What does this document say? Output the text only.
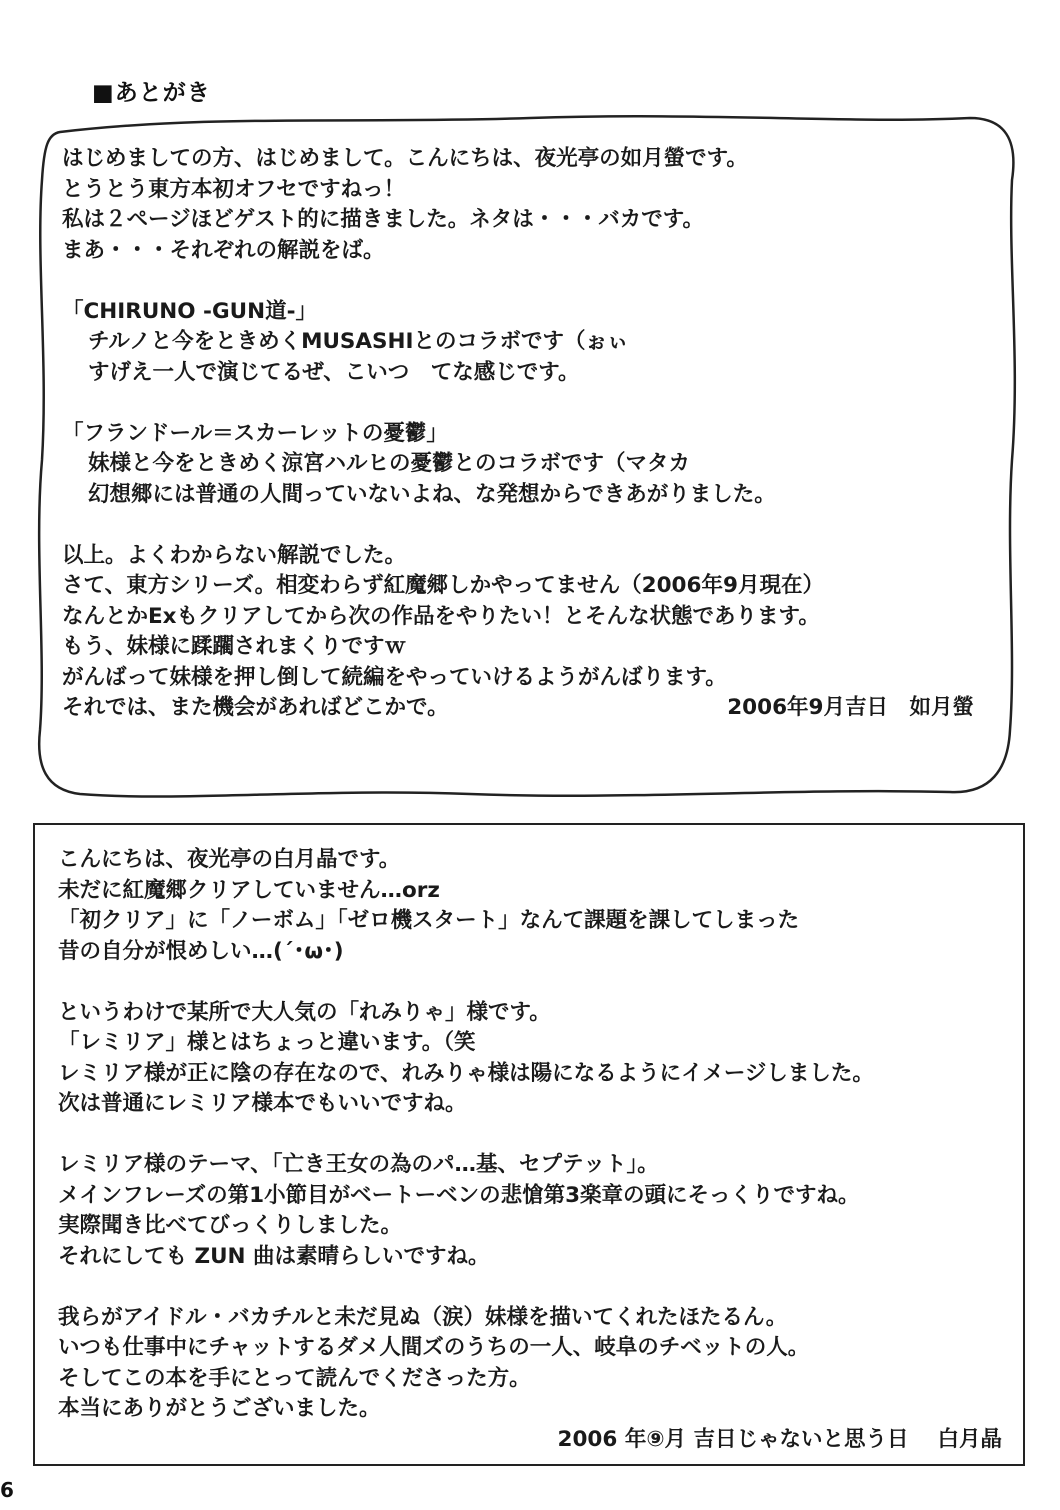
■あとがき
はじめましての方、はじめまして。こんにちは、夜光亭の如月螢です。
とうとう東方本初オフセですねっ！
私は２ページほどゲスト的に描きました。ネタは・・・バカです。
まあ・・・それぞれの解説をば。
「CHIRUNO -GUN道-」
チルノと今をときめくMUSASHIとのコラボです（ぉぃ
すげえ一人で演じてるぜ、こいつ　てな感じです。
「フランドール＝スカーレットの憂鬱」
妹様と今をときめく涼宮ハルヒの憂鬱とのコラボです（マタカ
幻想郷には普通の人間っていないよね、な発想からできあがりました。
以上。よくわからない解説でした。
さて、東方シリーズ。相変わらず紅魔郷しかやってません（2006年9月現在）
なんとかExもクリアしてから次の作品をやりたい！とそんな状態であります。
もう、妹様に蹂躙されまくりですｗ
がんばって妹様を押し倒して続編をやっていけるようがんばります。
それでは、また機会があればどこかで。	2006年9月吉日　如月螢
こんにちは、夜光亭の白月晶です。
未だに紅魔郷クリアしていません…orz
「初クリア」に「ノーボム」「ゼロ機スタート」なんて課題を課してしまった
昔の自分が恨めしい…(´･ω･)
というわけで某所で大人気の「れみりゃ」様です。
「レミリア」様とはちょっと違います。（笑
レミリア様が正に陰の存在なので、れみりゃ様は陽になるようにイメージしました。
次は普通にレミリア様本でもいいですね。
レミリア様のテーマ、「亡き王女の為のパ…基、セプテット」。
メインフレーズの第1小節目がベートーベンの悲愴第3楽章の頭にそっくりですね。
実際聞き比べてびっくりしました。
それにしても ZUN 曲は素晴らしいですね。
我らがアイドル・バカチルと未だ見ぬ（涙）妹様を描いてくれたほたるん。
いつも仕事中にチャットするダメ人間ズのうちの一人、岐阜のチベットの人。
そしてこの本を手にとって読んでくださった方。
本当にありがとうございました。
2006 年⑨月 吉日じゃないと思う日　 白月晶
6
